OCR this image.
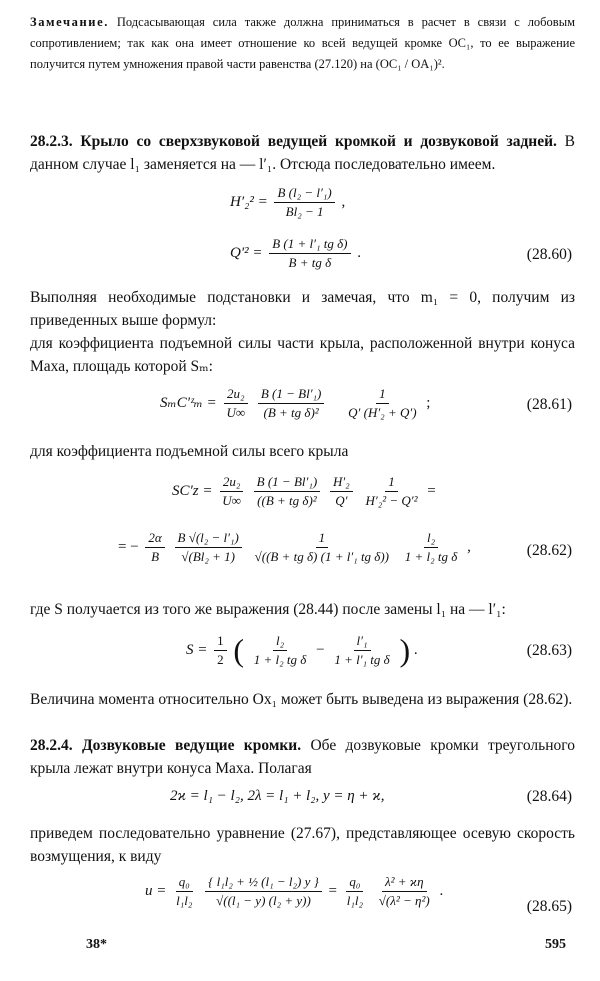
Замечание. Подсасывающая сила также должна приниматься в расчет в связи с лобовым сопротивлением; так как она имеет отношение ко всей ведущей кромке OC₁, то ее выражение получится путем умножения правой части равенства (27.120) на (OC₁ / OA₁)².
28.2.3. Крыло со сверхзвуковой ведущей кромкой и дозвуковой задней. В данном случае l₁ заменяется на — l′₁. Отсюда последовательно имеем.
$H'_2^2 = \frac{\text{B (l₂ − l′₁)}}{\text{Bl₂ − 1}}$ ,
$Q'^2 = \frac{\text{B (1 + l′₁ tg δ)}}{\text{B + tg δ}}$ .	(28.60)
Выполняя необходимые подстановки и замечая, что m₁ = 0, получим из приведенных выше формул:
для коэффициента подъемной силы части крыла, расположенной внутри конуса Маха, площадь которой Sₘ:
SₘC′ᶻₘ = $\frac{\text{2u₂}}{U\infty}$
$\frac{\text{B (1 − Bl′₁)}}{\text{(B + tg δ)²}}$
$\frac{1}{\text{Q′ (H′₂ + Q′)}}$ ;	(28.61)
для коэффициента подъемной силы всего крыла
$SC'z = \frac{\text{2u₂}}{U\infty}$
$\frac{\text{B (1 − Bl′₁)}}{\text{((B + tg δ)²}}$
$\frac{\text{H′₂}}{Q'}$
$\frac{1}{\text{H′₂² − Q′²}}$ =
= − $\frac{2\alpha}{B}$
$\frac{\text{B √(l₂ − l′₁)}}{\text{√(Bl₂ + 1)}}$
$\frac{1}{\text{√((B + tg δ) (1 + l′₁ tg δ))}}$
$\frac{\text{l₂}}{\text{1 + l₂ tg δ}}$ ,	(28.62)
где S получается из того же выражения (28.44) после замены l₁ на — l′₁:
$S = \frac{1}{2}$ ( $\frac{\text{l₂}}{\text{1 + l₂ tg δ}} - \frac{\text{l′₁}}{\text{1 + l′₁ tg δ}}$ ) .	(28.63)
Величина момента относительно Ox₁ может быть выведена из выражения (28.62).
28.2.4. Дозвуковые ведущие кромки. Обе дозвуковые кромки треугольного крыла лежат внутри конуса Маха. Полагая
2ϰ = l₁ − l₂, 2λ = l₁ + l₂, y = η + ϰ,	(28.64)
приведем последовательно уравнение (27.67), представляющее осевую скорость возмущения, к виду
$u = \frac{\text{q₀}}{\text{l₁l₂}}$
$\frac{\text{\{ l₁l₂ + ½ (l₁ − l₂) y \}}}{\text{√((l₁ − y) (l₂ + y))}} = \frac{\text{q₀}}{\text{l₁l₂}}$
$\frac{\text{λ² + ϰη}}{\text{√(λ² − η²)}}$ .
(28.65)
38*	595
